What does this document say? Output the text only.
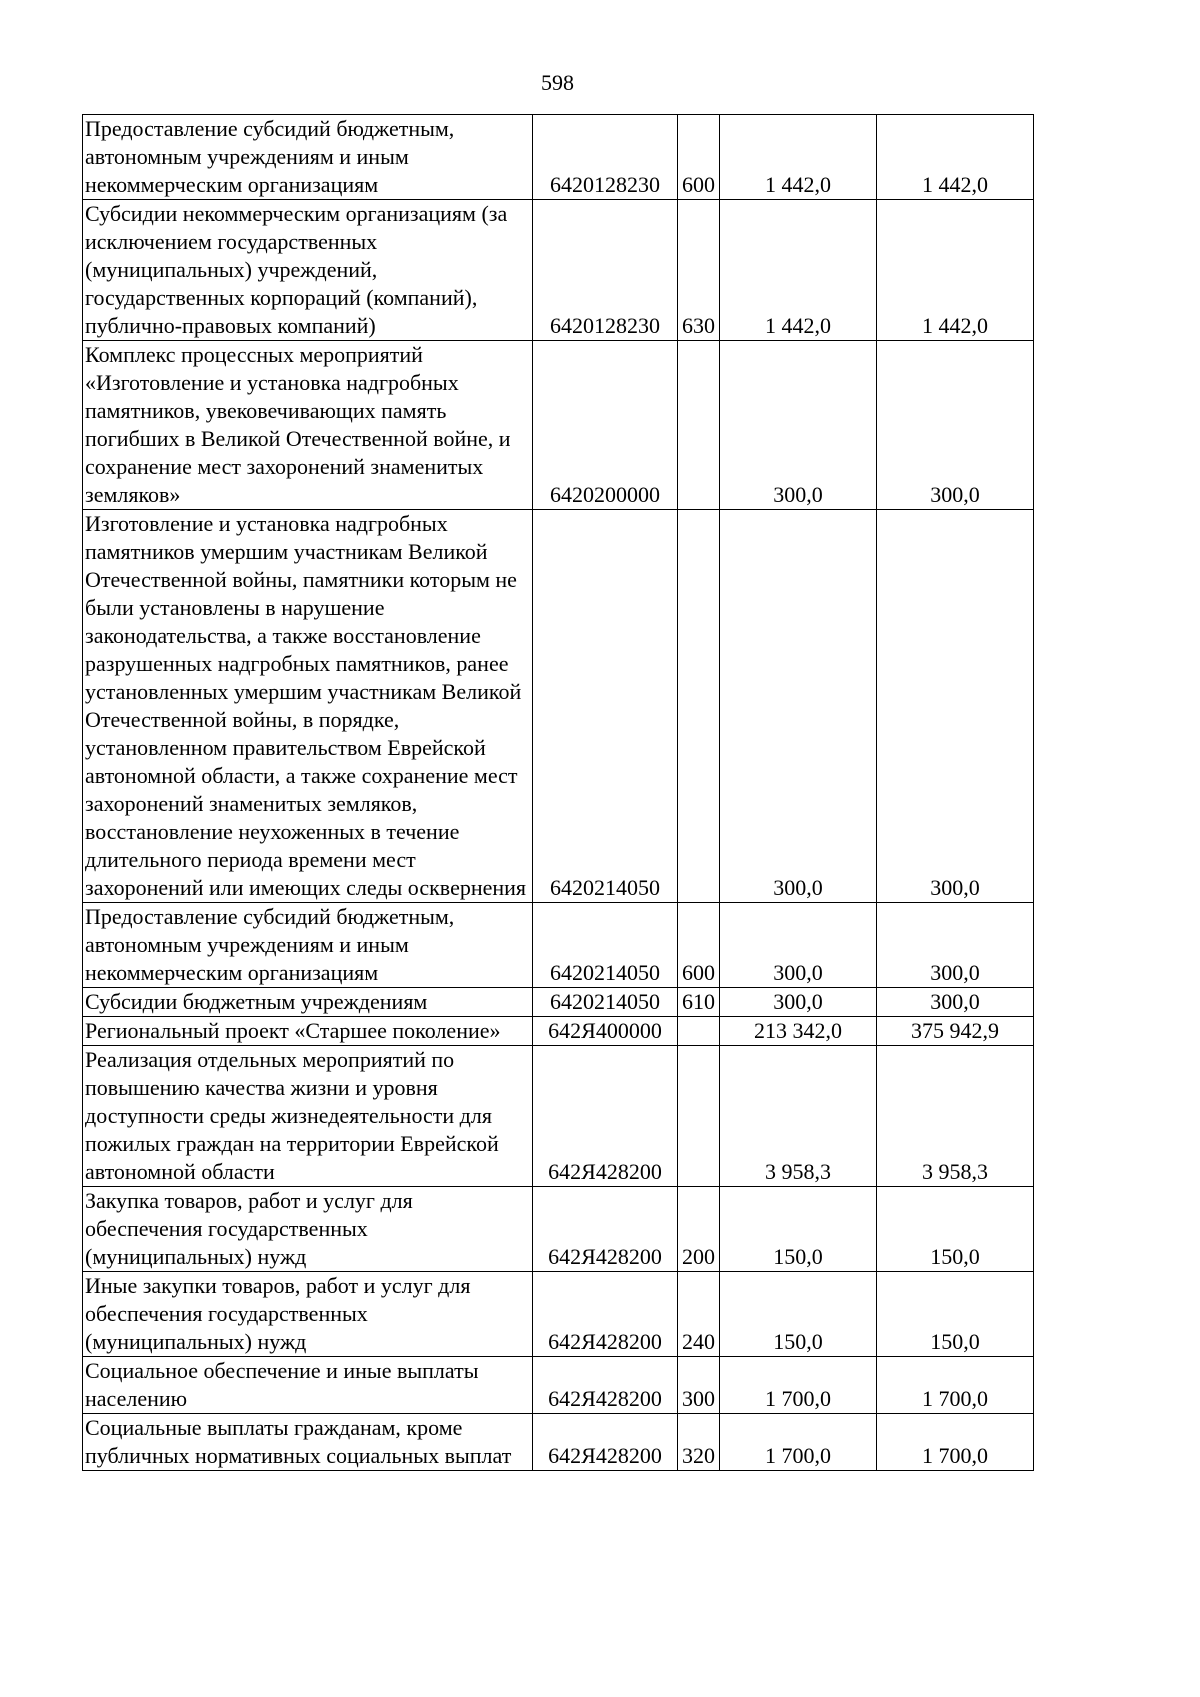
598
Предоставление субсидий бюджетным, автономным учреждениям и иным некоммерческим организациям	6420128230	600	1 442,0	1 442,0
Субсидии некоммерческим организациям (за исключением государственных (муниципальных) учреждений, государственных корпораций (компаний), публично-правовых компаний)	6420128230	630	1 442,0	1 442,0
Комплекс процессных мероприятий «Изготовление и установка надгробных памятников, увековечивающих память погибших в Великой Отечественной войне, и сохранение мест захоронений знаменитых земляков»	6420200000		300,0	300,0
Изготовление и установка надгробных памятников умершим участникам Великой Отечественной войны, памятники которым не были установлены в нарушение законодательства, а также восстановление разрушенных надгробных памятников, ранее установленных умершим участникам Великой Отечественной войны, в порядке, установленном правительством Еврейской автономной области, а также сохранение мест захоронений знаменитых земляков, восстановление неухоженных в течение длительного периода времени мест захоронений или имеющих следы осквернения	6420214050		300,0	300,0
Предоставление субсидий бюджетным, автономным учреждениям и иным некоммерческим организациям	6420214050	600	300,0	300,0
Субсидии бюджетным учреждениям	6420214050	610	300,0	300,0
Региональный проект «Старшее поколение»	642Я400000		213 342,0	375 942,9
Реализация отдельных мероприятий по повышению качества жизни и уровня доступности среды жизнедеятельности для пожилых граждан на территории Еврейской автономной области	642Я428200		3 958,3	3 958,3
Закупка товаров, работ и услуг для обеспечения государственных (муниципальных) нужд	642Я428200	200	150,0	150,0
Иные закупки товаров, работ и услуг для обеспечения государственных (муниципальных) нужд	642Я428200	240	150,0	150,0
Социальное обеспечение и иные выплаты населению	642Я428200	300	1 700,0	1 700,0
Социальные выплаты гражданам, кроме публичных нормативных социальных выплат	642Я428200	320	1 700,0	1 700,0
